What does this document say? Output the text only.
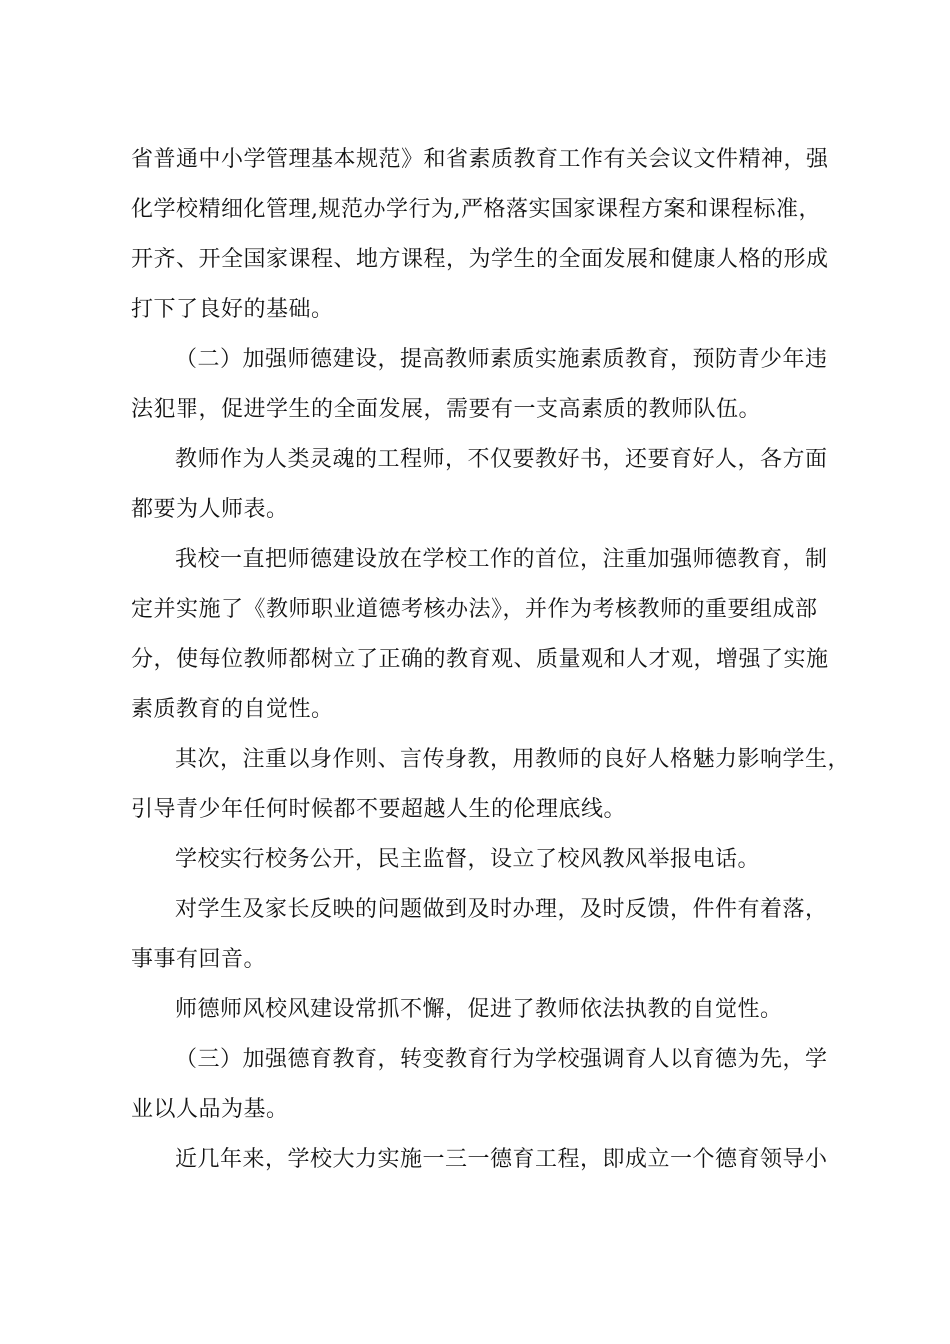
省普通中小学管理基本规范》和省素质教育工作有关会议文件精神，强
化学校精细化管理,规范办学行为,严格落实国家课程方案和课程标准，
开齐、开全国家课程、地方课程，为学生的全面发展和健康人格的形成
打下了良好的基础。
（二）加强师德建设，提高教师素质实施素质教育，预防青少年违
法犯罪，促进学生的全面发展，需要有一支高素质的教师队伍。
教师作为人类灵魂的工程师，不仅要教好书，还要育好人，各方面
都要为人师表。
我校一直把师德建设放在学校工作的首位，注重加强师德教育，制
定并实施了《教师职业道德考核办法》，并作为考核教师的重要组成部
分，使每位教师都树立了正确的教育观、质量观和人才观，增强了实施
素质教育的自觉性。
其次，注重以身作则、言传身教，用教师的良好人格魅力影响学生，
引导青少年任何时候都不要超越人生的伦理底线。
学校实行校务公开，民主监督，设立了校风教风举报电话。
对学生及家长反映的问题做到及时办理，及时反馈，件件有着落，
事事有回音。
师德师风校风建设常抓不懈，促进了教师依法执教的自觉性。
（三）加强德育教育，转变教育行为学校强调育人以育德为先，学
业以人品为基。
近几年来，学校大力实施一三一德育工程，即成立一个德育领导小
